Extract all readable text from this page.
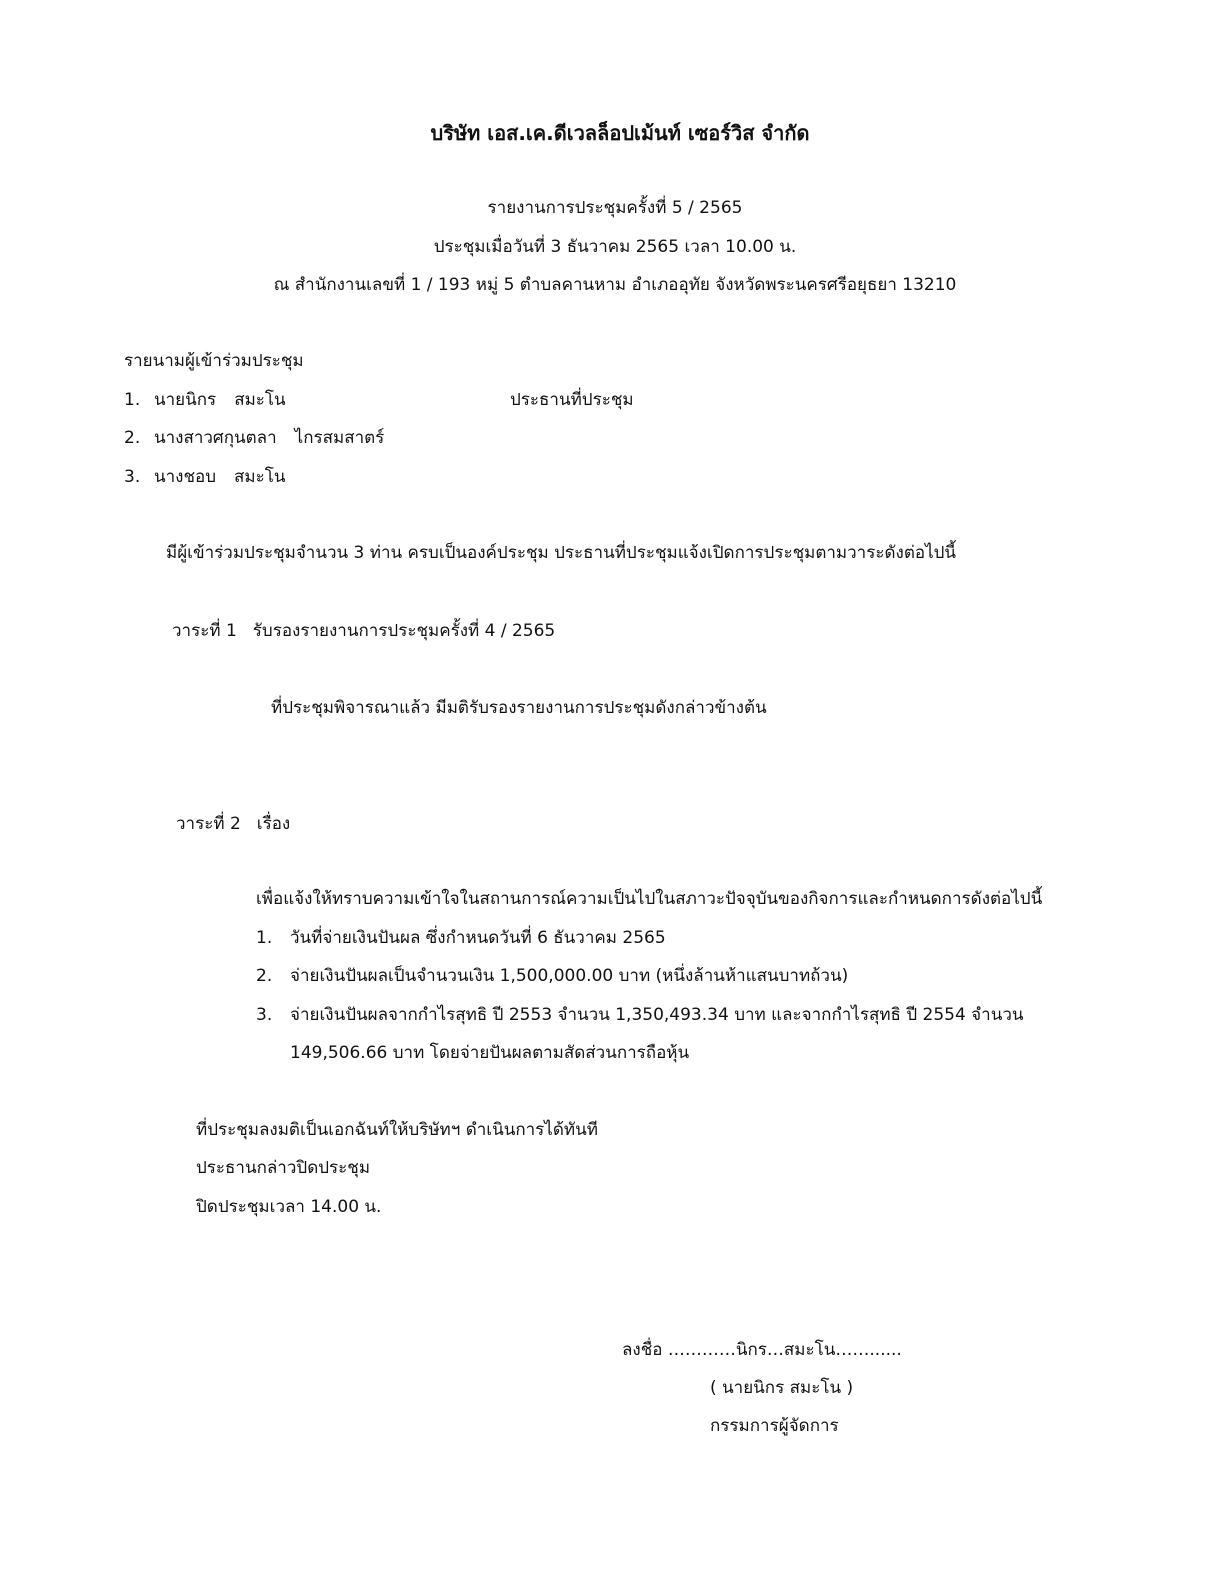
บริษัท เอส.เค.ดีเวลล็อปเม้นท์ เซอร์วิส จำกัด
รายงานการประชุมครั้งที่ 5 / 2565
ประชุมเมื่อวันที่ 3 ธันวาคม 2565 เวลา 10.00 น.
ณ สำนักงานเลขที่ 1 / 193 หมู่ 5 ตำบลคานหาม อำเภออุทัย จังหวัดพระนครศรีอยุธยา 13210
รายนามผู้เข้าร่วมประชุม
1. นายนิกร สมะโน	ประธานที่ประชุม
2. นางสาวศกุนตลา ไกรสมสาตร์
3. นางชอบ สมะโน
มีผู้เข้าร่วมประชุมจำนวน 3 ท่าน ครบเป็นองค์ประชุม ประธานที่ประชุมแจ้งเปิดการประชุมตามวาระดังต่อไปนี้
วาระที่ 1 รับรองรายงานการประชุมครั้งที่ 4 / 2565
ที่ประชุมพิจารณาแล้ว มีมติรับรองรายงานการประชุมดังกล่าวข้างต้น
วาระที่ 2 เรื่อง
เพื่อแจ้งให้ทราบความเข้าใจในสถานการณ์ความเป็นไปในสภาวะปัจจุบันของกิจการและกำหนดการดังต่อไปนี้
1. วันที่จ่ายเงินปันผล ซึ่งกำหนดวันที่ 6 ธันวาคม 2565
2. จ่ายเงินปันผลเป็นจำนวนเงิน 1,500,000.00 บาท (หนึ่งล้านห้าแสนบาทถ้วน)
3. จ่ายเงินปันผลจากกำไรสุทธิ ปี 2553 จำนวน 1,350,493.34 บาท และจากกำไรสุทธิ ปี 2554 จำนวน
149,506.66 บาท โดยจ่ายปันผลตามสัดส่วนการถือหุ้น
ที่ประชุมลงมติเป็นเอกฉันท์ให้บริษัทฯ ดำเนินการได้ทันที
ประธานกล่าวปิดประชุม
ปิดประชุมเวลา 14.00 น.
ลงชื่อ …………นิกร…สมะโน……......
( นายนิกร สมะโน )
กรรมการผู้จัดการ
